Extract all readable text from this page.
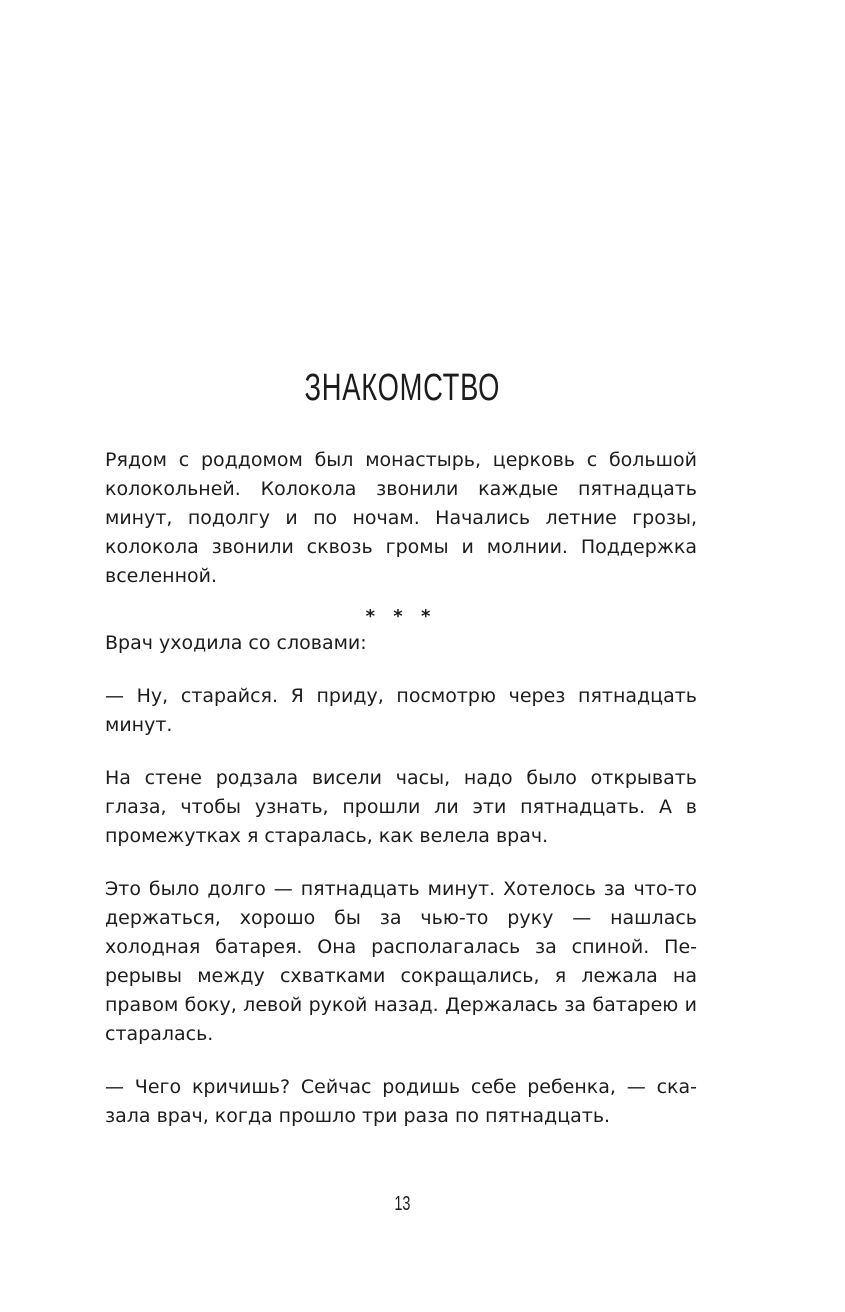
ЗНАКОМСТВО

Рядом с роддомом был монастырь, церковь с большой колокольней. Колокола звонили каждые пятнадцать минут, подолгу и по ночам. Начались летние грозы, колокола звонили сквозь громы и молнии. Поддержка вселенной.

* * *

Врач уходила со словами:

— Ну, старайся. Я приду, посмотрю через пятнадцать минут.

На стене родзала висели часы, надо было открывать глаза, чтобы узнать, прошли ли эти пятнадцать. А в промежутках я старалась, как велела врач.

Это было долго — пятнадцать минут. Хотелось за что-то держаться, хорошо бы за чью-то руку — нашлась холодная батарея. Она располагалась за спиной. Перерывы между схватками сокращались, я лежала на правом боку, левой рукой назад. Держалась за батарею и старалась.

— Чего кричишь? Сейчас родишь себе ребенка, — сказала врач, когда прошло три раза по пятнадцать.

13
